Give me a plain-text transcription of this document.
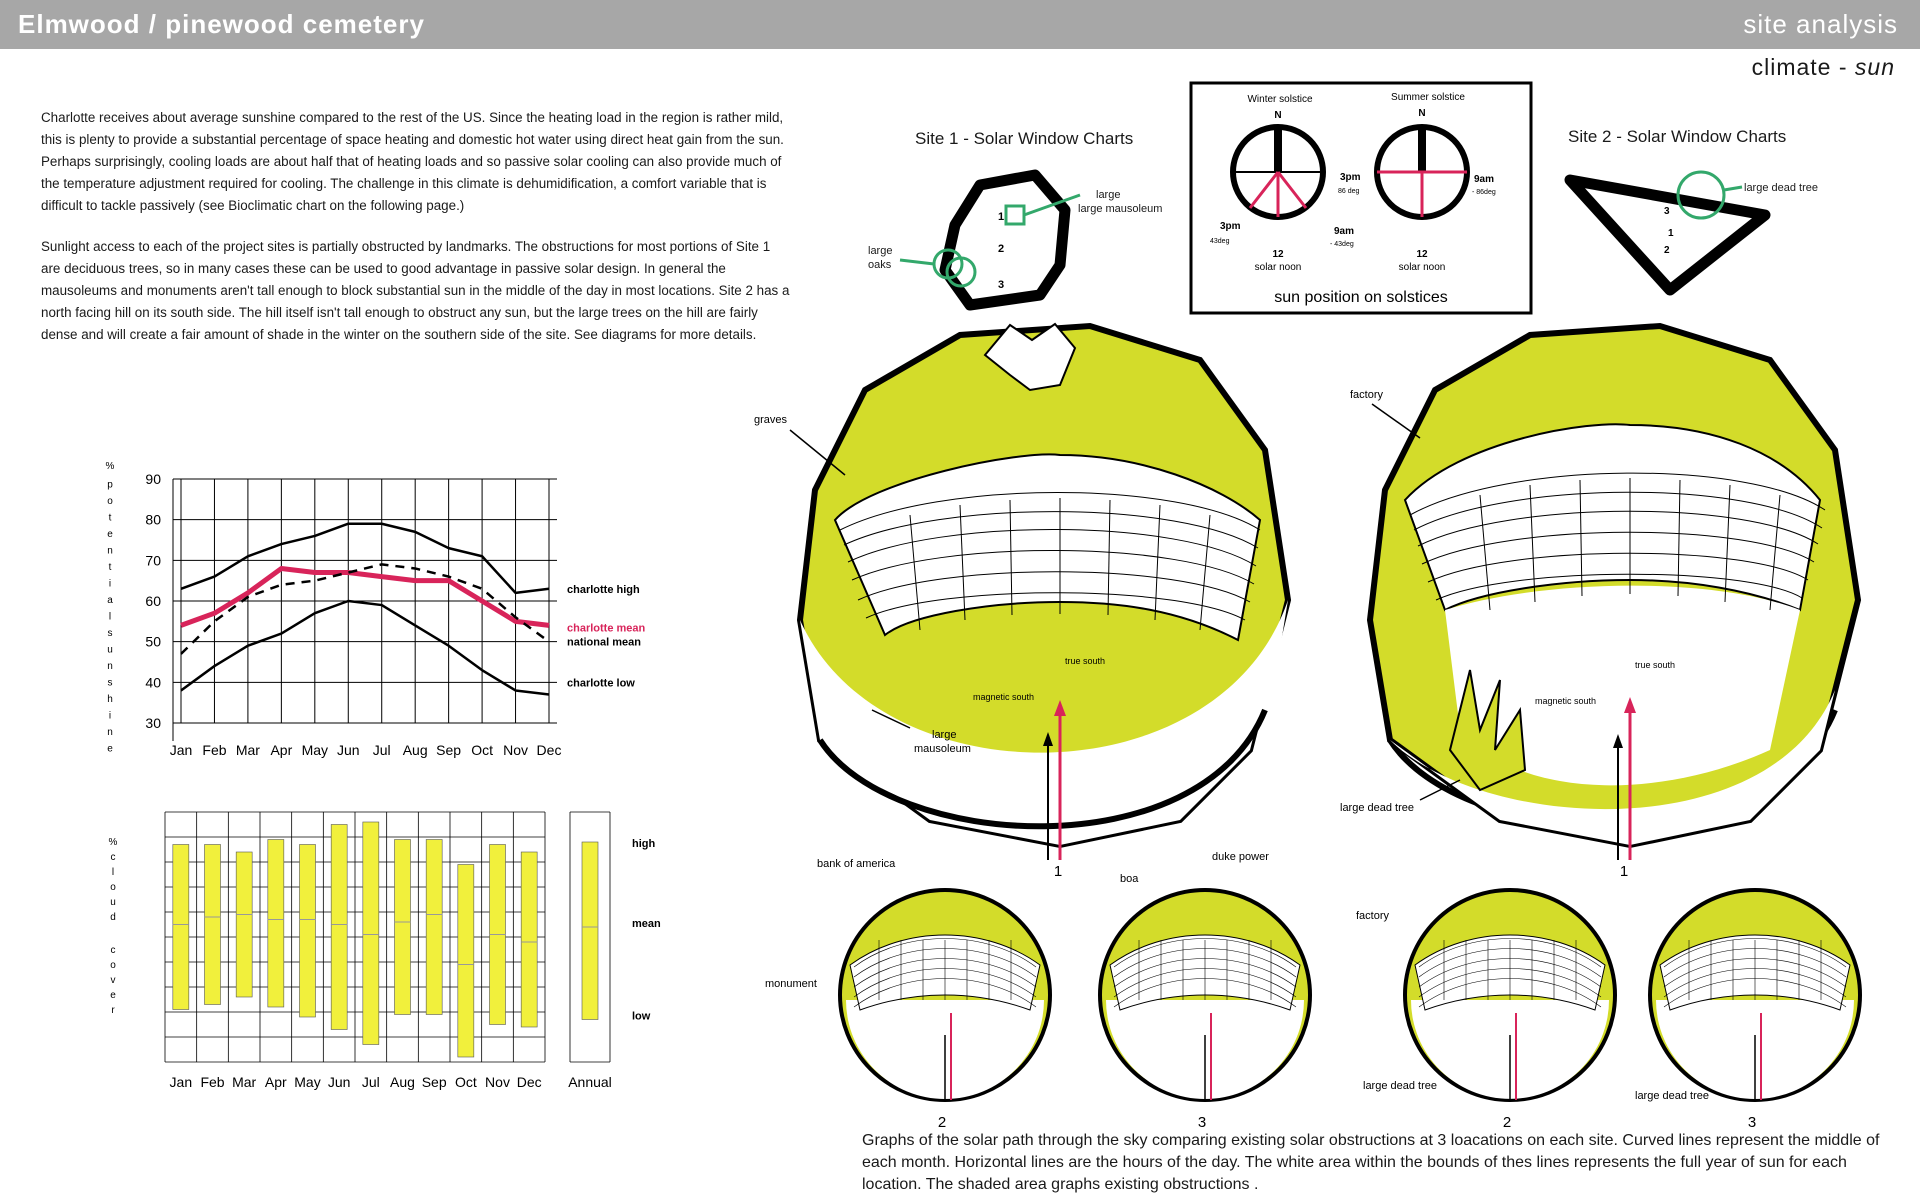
Elmwood / pinewood cemetery	site analysis
climate - sun
Charlotte receives about average sunshine compared to the rest of the US. Since the heating load in the region is rather mild, this is plenty to provide a substantial percentage of space heating and domestic hot water using direct heat gain from the sun. Perhaps surprisingly, cooling loads are about half that of heating loads and so passive solar cooling can also provide much of the temperature adjustment required for cooling. The challenge in this climate is dehumidification, a comfort variable that is difficult to tackle passively (see Bioclimatic chart on the following page.)
Sunlight access to each of the project sites is partially obstructed by landmarks. The obstructions for most portions of Site 1 are deciduous trees, so in many cases these can be used to good advantage in passive solar design. In general the mausoleums and monuments aren't tall enough to block substantial sun in the middle of the day in most locations. Site 2 has a north facing hill on its south side. The hill itself isn't tall enough to obstruct any sun, but the large trees on the hill are fairly dense and will create a fair amount of shade in the winter on the southern side of the site. See diagrams for more details.
%
p
o
t
e
n
t
i
a
l
s
u
n
s
h
i
n
e
90
80
70
60
50
40
30
Jan Feb Mar Apr May Jun Jul Aug Sep Oct Nov Dec
charlotte high
charlotte mean
national mean
charlotte low
%
c
l
o
u
d
c
o
v
e
r
Jan Feb Mar Apr May Jun Jul Aug Sep Oct Nov Dec Annual
high
mean
low
Site 1 - Solar Window Charts
large
large mausoleum
large
oaks
1
2
3
Winter solstice	Summer solstice
N	N
3pm
43deg
9am
- 43deg
12
solar noon
3pm
86 deg
9am
- 86deg
12
solar noon
sun position on solstices
Site 2 - Solar Window Charts
large dead tree
3
1
2
true south
magnetic south
graves
large
mausoleum
1
true south
magnetic south
factory
large dead tree
1
2	3	2	3
bank of america
monument
duke power
boa
factory
large dead tree
large dead tree
Graphs of the solar path through the sky comparing existing solar obstructions at 3 loacations on each site. Curved lines represent the middle of each month. Horizontal lines are the hours of the day. The white area within the bounds of thes lines represents the full year of sun for each location. The shaded area graphs existing obstructions .
